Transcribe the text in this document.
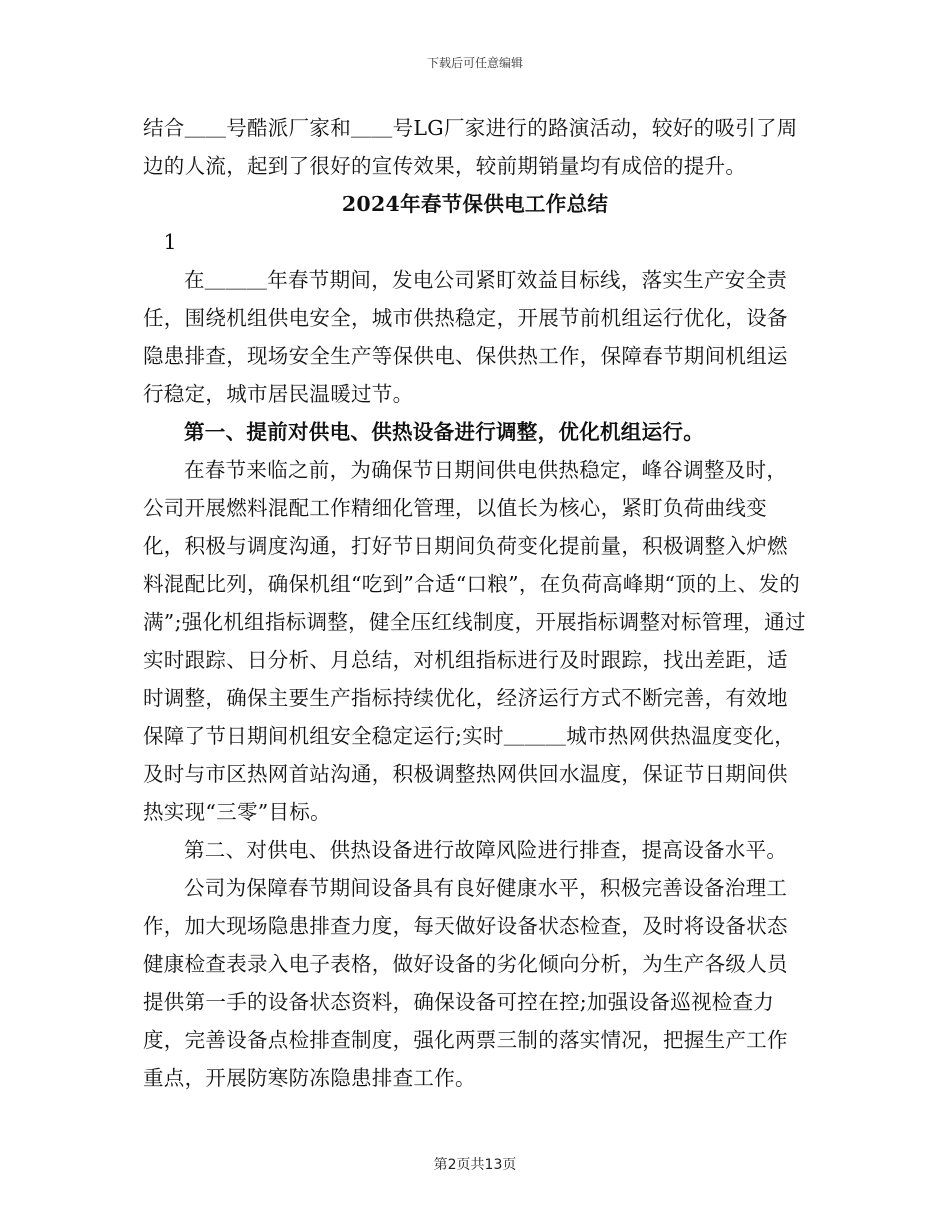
下载后可任意编辑

结合＿＿号酷派厂家和＿＿号LG厂家进行的路演活动，较好的吸引了周边的人流，起到了很好的宣传效果，较前期销量均有成倍的提升。

2024年春节保供电工作总结

1

在＿＿＿年春节期间，发电公司紧盯效益目标线，落实生产安全责任，围绕机组供电安全，城市供热稳定，开展节前机组运行优化，设备隐患排查，现场安全生产等保供电、保供热工作，保障春节期间机组运行稳定，城市居民温暖过节。

第一、提前对供电、供热设备进行调整，优化机组运行。

在春节来临之前，为确保节日期间供电供热稳定，峰谷调整及时，公司开展燃料混配工作精细化管理，以值长为核心，紧盯负荷曲线变化，积极与调度沟通，打好节日期间负荷变化提前量，积极调整入炉燃料混配比列，确保机组“吃到”合适“口粮”，在负荷高峰期“顶的上、发的满”;强化机组指标调整，健全压红线制度，开展指标调整对标管理，通过实时跟踪、日分析、月总结，对机组指标进行及时跟踪，找出差距，适时调整，确保主要生产指标持续优化，经济运行方式不断完善，有效地保障了节日期间机组安全稳定运行;实时＿＿＿城市热网供热温度变化，及时与市区热网首站沟通，积极调整热网供回水温度，保证节日期间供热实现“三零”目标。

第二、对供电、供热设备进行故障风险进行排查，提高设备水平。

公司为保障春节期间设备具有良好健康水平，积极完善设备治理工作，加大现场隐患排查力度，每天做好设备状态检查，及时将设备状态健康检查表录入电子表格，做好设备的劣化倾向分析，为生产各级人员提供第一手的设备状态资料，确保设备可控在控;加强设备巡视检查力度，完善设备点检排查制度，强化两票三制的落实情况，把握生产工作重点，开展防寒防冻隐患排查工作。

第2页共13页
